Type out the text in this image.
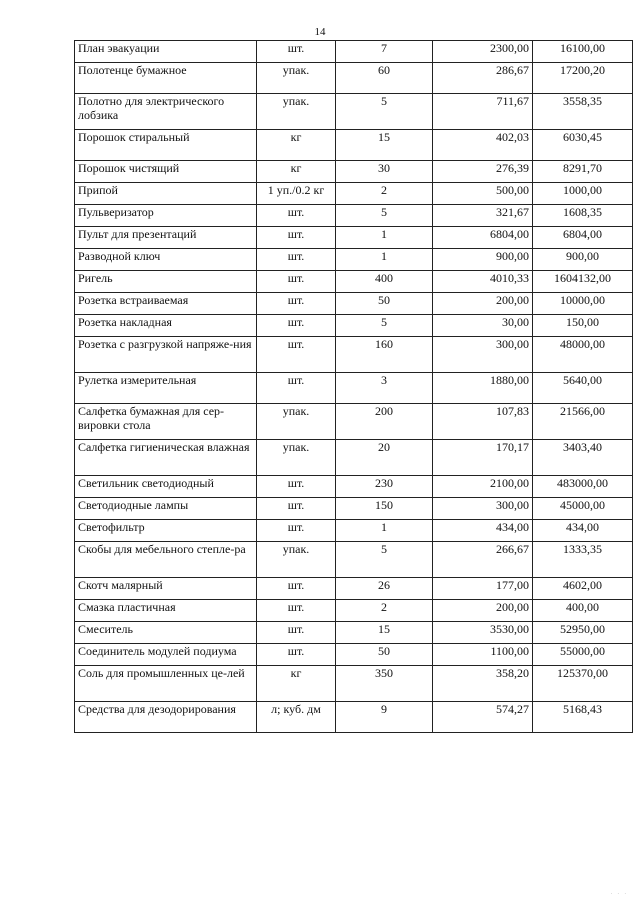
14
План эвакуации	шт.	7	2300,00	16100,00
Полотенце бумажное	упак.	60	286,67	17200,20
Полотно для электрического лобзика	упак.	5	711,67	3558,35
Порошок стиральный	кг	15	402,03	6030,45
Порошок чистящий	кг	30	276,39	8291,70
Припой	1 уп./0.2 кг	2	500,00	1000,00
Пульверизатор	шт.	5	321,67	1608,35
Пульт для презентаций	шт.	1	6804,00	6804,00
Разводной ключ	шт.	1	900,00	900,00
Ригель	шт.	400	4010,33	1604132,00
Розетка встраиваемая	шт.	50	200,00	10000,00
Розетка накладная	шт.	5	30,00	150,00
Розетка с разгрузкой напряже-ния	шт.	160	300,00	48000,00
Рулетка измерительная	шт.	3	1880,00	5640,00
Салфетка бумажная для сер-вировки стола	упак.	200	107,83	21566,00
Салфетка гигиеническая влажная	упак.	20	170,17	3403,40
Светильник светодиодный	шт.	230	2100,00	483000,00
Светодиодные лампы	шт.	150	300,00	45000,00
Светофильтр	шт.	1	434,00	434,00
Скобы для мебельного степле-ра	упак.	5	266,67	1333,35
Скотч малярный	шт.	26	177,00	4602,00
Смазка пластичная	шт.	2	200,00	400,00
Смеситель	шт.	15	3530,00	52950,00
Соединитель модулей подиума	шт.	50	1100,00	55000,00
Соль для промышленных це-лей	кг	350	358,20	125370,00
Средства для дезодорирования	л; куб. дм	9	574,27	5168,43
· · ·
